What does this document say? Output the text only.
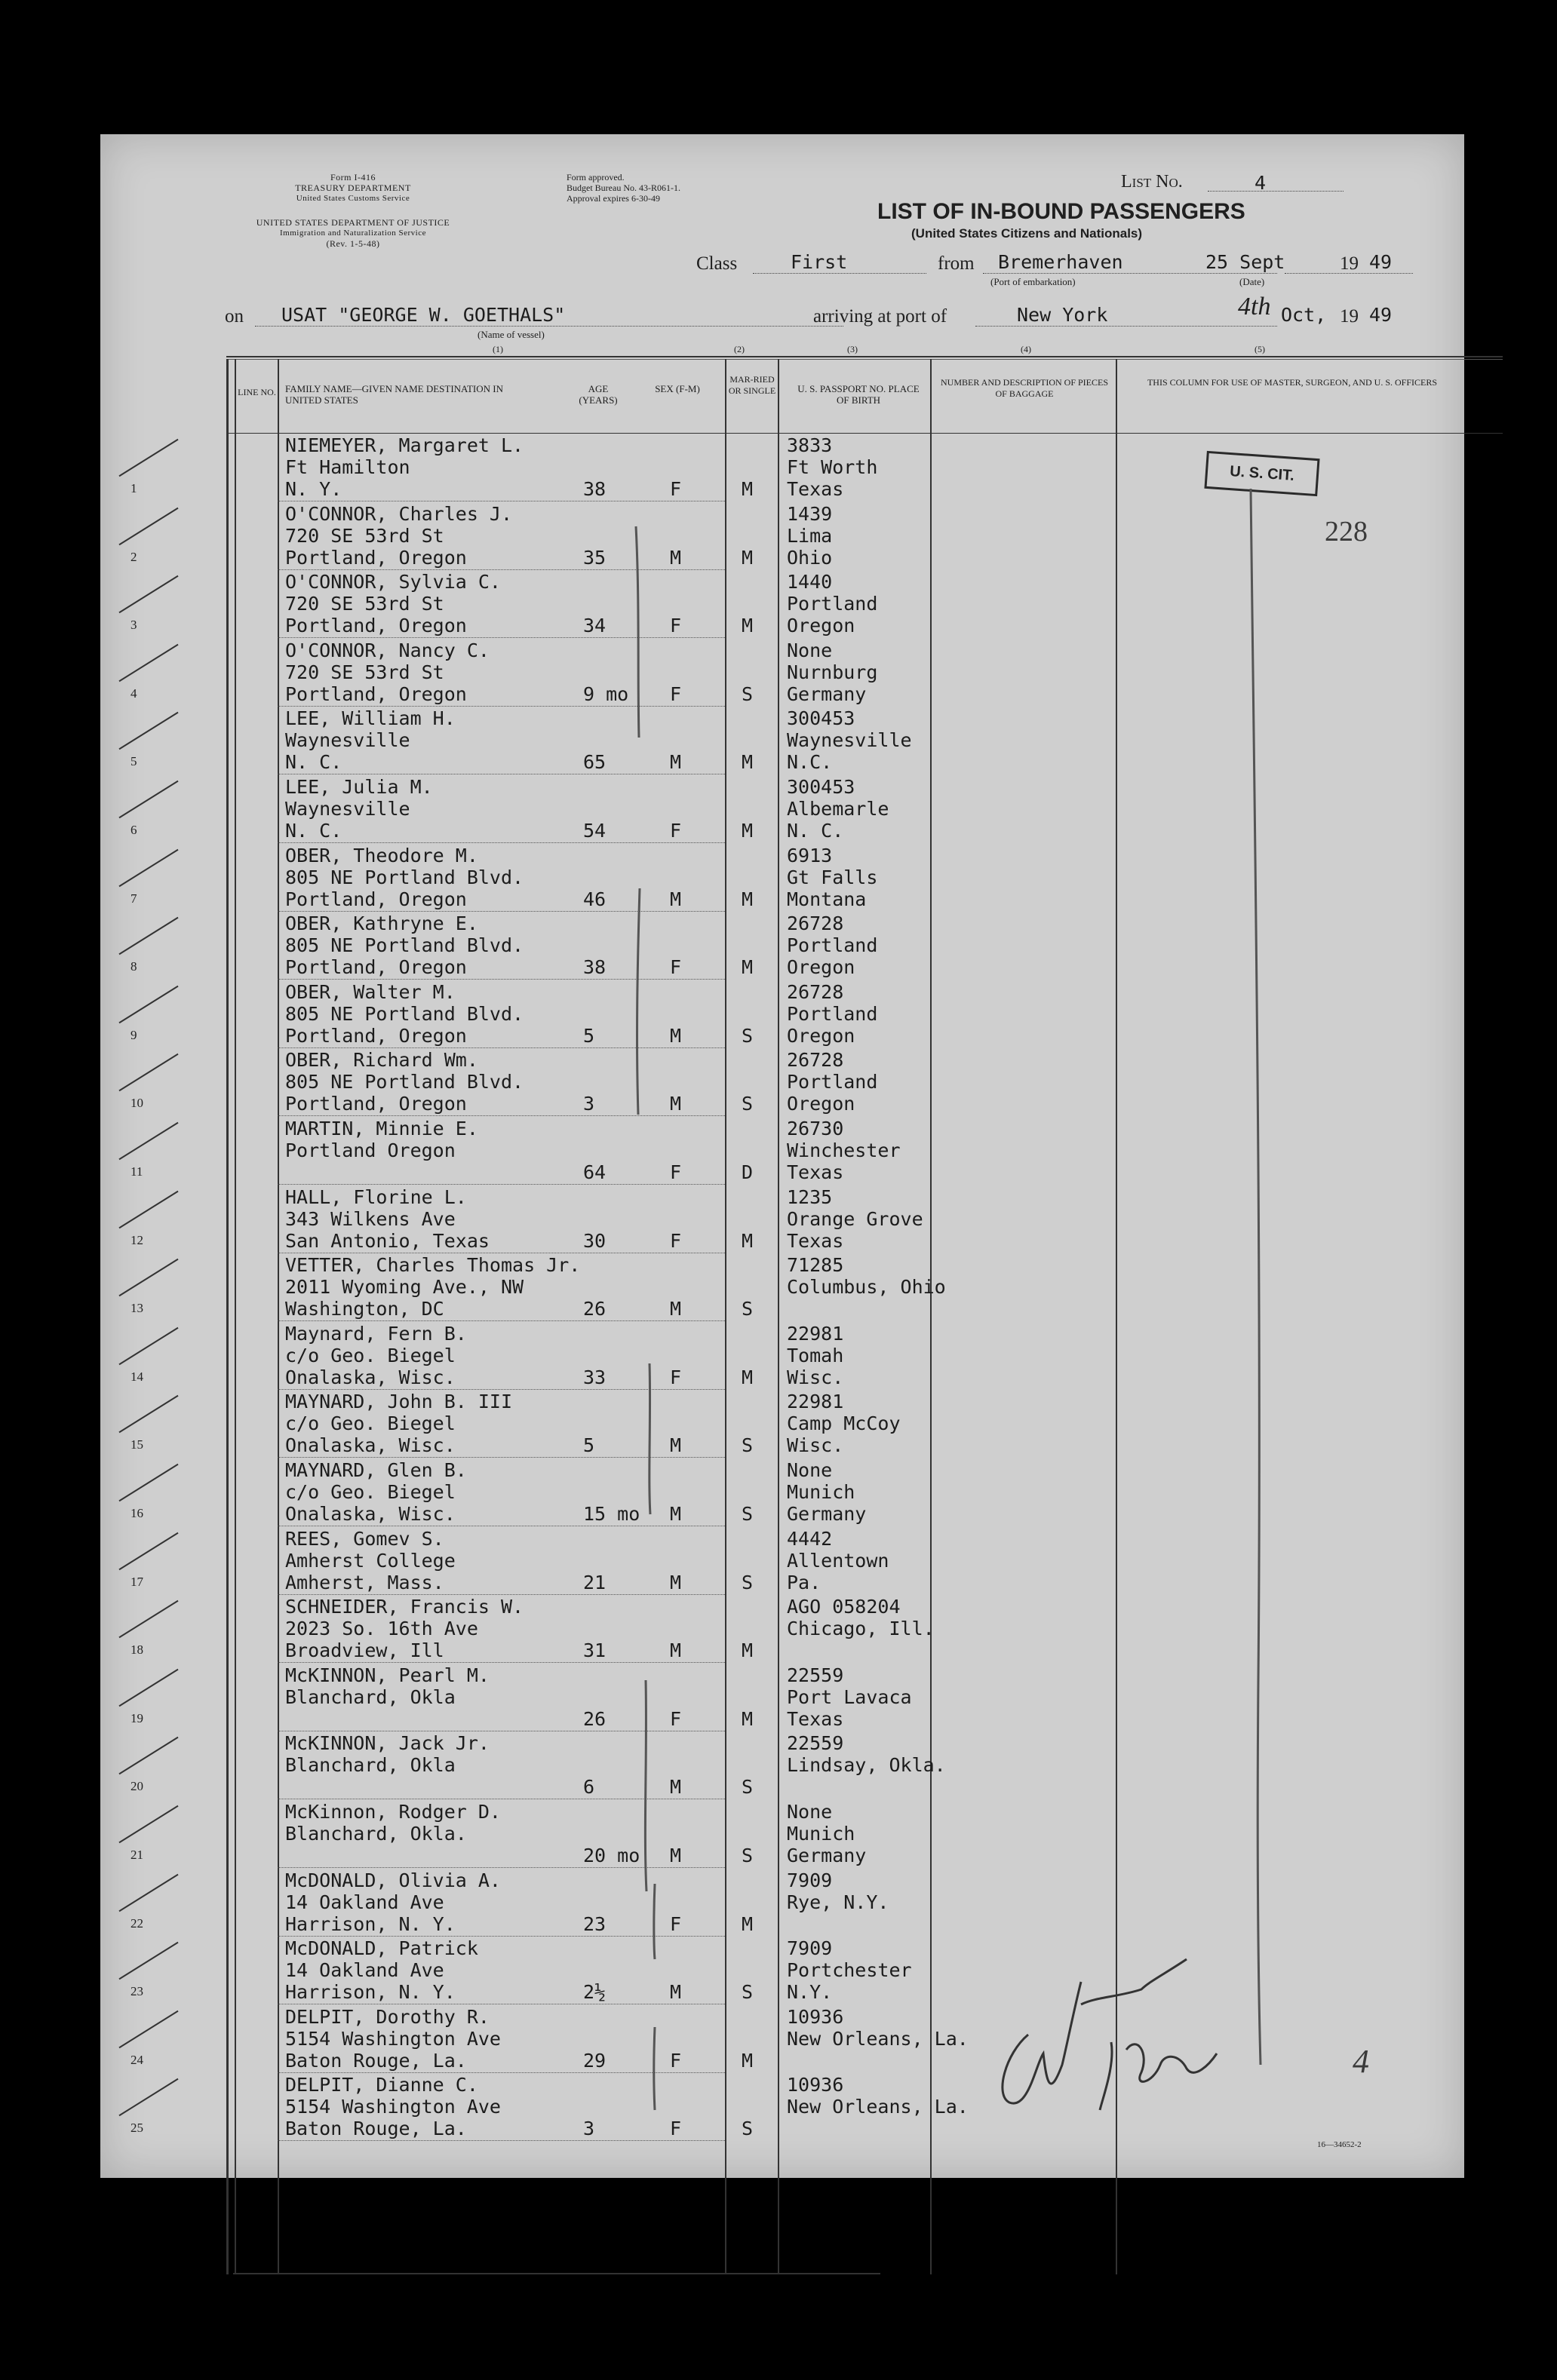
Form I-416
TREASURY DEPARTMENT
United States Customs Service
UNITED STATES DEPARTMENT OF JUSTICE
Immigration and Naturalization Service
(Rev. 1-5-48)
Form approved.
Budget Bureau No. 43-R061-1.
Approval expires 6-30-49
List No.	4
LIST OF IN-BOUND PASSENGERS
(United States Citizens and Nationals)
Class	First	from Bremerhaven
(Port of embarkation)
25 Sept
(Date)
19 49
on USAT "GEORGE W. GOETHALS"
(Name of vessel)
arriving at port of	New York	4th Oct, 19 49
(1)	(2)	(3)	(4)	(5)
LINE NO. FAMILY NAME—GIVEN NAME DESTINATION IN UNITED STATES
AGE (YEARS)
SEX (F-M)
MAR-RIED OR SINGLE	U. S. PASSPORT NO. PLACE OF BIRTH
NUMBER AND DESCRIPTION OF PIECES OF BAGGAGE
THIS COLUMN FOR USE OF MASTER, SURGEON, AND U. S. OFFICERS
1
NIEMEYER, Margaret L.
Ft Hamilton
N. Y.	38	F	M
3833
Ft Worth
Texas
2
O'CONNOR, Charles J.
720 SE 53rd St
Portland, Oregon	35	M	M
1439
Lima
Ohio
3
O'CONNOR, Sylvia C.
720 SE 53rd St
Portland, Oregon	34	F	M
1440
Portland
Oregon
4
O'CONNOR, Nancy C.
720 SE 53rd St
Portland, Oregon	9 mo F	S
None
Nurnburg
Germany
5
LEE, William H.
Waynesville
N. C.	65	M	M
300453
Waynesville
N.C.
6
LEE, Julia M.
Waynesville
N. C.	54	F	M
300453
Albemarle
N. C.
7
OBER, Theodore M.
805 NE Portland Blvd.
Portland, Oregon	46	M	M
6913
Gt Falls
Montana
8
OBER, Kathryne E.
805 NE Portland Blvd.
Portland, Oregon	38	F	M
26728
Portland
Oregon
9
OBER, Walter M.
805 NE Portland Blvd.
Portland, Oregon	5	M	S
26728
Portland
Oregon
10
OBER, Richard Wm.
805 NE Portland Blvd.
Portland, Oregon	3	M	S
26728
Portland
Oregon
11
MARTIN, Minnie E.
Portland Oregon
64	F	D
26730
Winchester
Texas
12
HALL, Florine L.
343 Wilkens Ave
San Antonio, Texas	30	F	M
1235
Orange Grove
Texas
13
VETTER, Charles Thomas Jr.
2011 Wyoming Ave., NW
Washington, DC	26	M	S
71285
Columbus, Ohio
14
Maynard, Fern B.
c/o Geo. Biegel
Onalaska, Wisc.	33	F	M
22981
Tomah
Wisc.
15
MAYNARD, John B. III
c/o Geo. Biegel
Onalaska, Wisc.	5	M	S
22981
Camp McCoy
Wisc.
16
MAYNARD, Glen B.
c/o Geo. Biegel
Onalaska, Wisc.	15 mo M	S
None
Munich
Germany
17
REES, Gomev S.
Amherst College
Amherst, Mass.	21	M	S
4442
Allentown
Pa.
18
SCHNEIDER, Francis W.
2023 So. 16th Ave
Broadview, Ill	31	M	M
AGO 058204
Chicago, Ill.
19
McKINNON, Pearl M.
Blanchard, Okla
26	F	M
22559
Port Lavaca
Texas
20
McKINNON, Jack Jr.
Blanchard, Okla
6	M	S
22559
Lindsay, Okla.
21
McKinnon, Rodger D.
Blanchard, Okla.
20 mo M	S
None
Munich
Germany
22
McDONALD, Olivia A.
14 Oakland Ave
Harrison, N. Y.	23	F	M
7909
Rye, N.Y.
23
McDONALD, Patrick
14 Oakland Ave
Harrison, N. Y.	2½	M	S
7909
Portchester
N.Y.
24
DELPIT, Dorothy R.
5154 Washington Ave
Baton Rouge, La.	29	F	M
10936
New Orleans, La.
25
DELPIT, Dianne C.
5154 Washington Ave
Baton Rouge, La.	3	F	S
10936
New Orleans, La.
U. S. CIT.
228
4
16—34652-2
